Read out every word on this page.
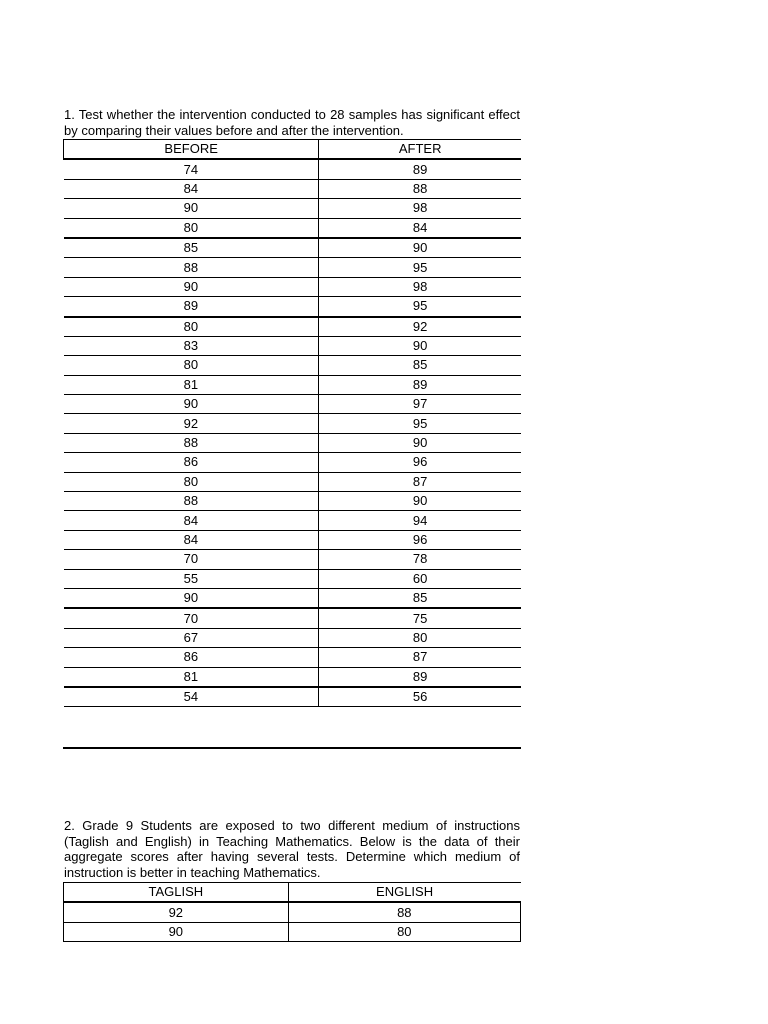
1. Test whether the intervention conducted to 28 samples has significant effect by comparing their values before and after the intervention.
BEFORE	AFTER
74	89
84	88
90	98
80	84
85	90
88	95
90	98
89	95
80	92
83	90
80	85
81	89
90	97
92	95
88	90
86	96
80	87
88	90
84	94
84	96
70	78
55	60
90	85
70	75
67	80
86	87
81	89
54	56
2. Grade 9 Students are exposed to two different medium of instructions (Taglish and English) in Teaching Mathematics. Below is the data of their aggregate scores after having several tests. Determine which medium of instruction is better in teaching Mathematics.
TAGLISH	ENGLISH
92	88
90	80
